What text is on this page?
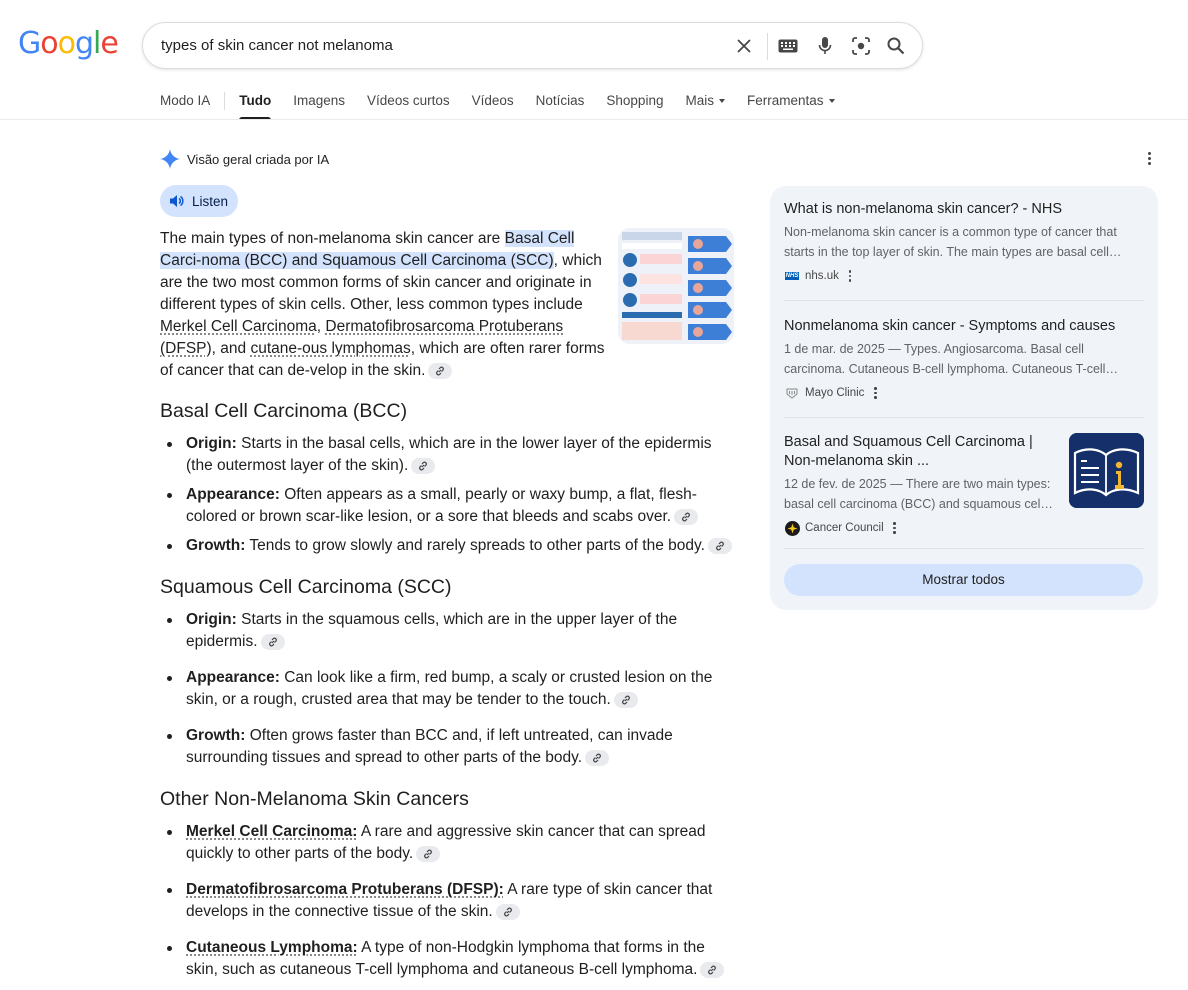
Google	types of skin cancer not melanoma
Modo IA Tudo Imagens Vídeos curtos Vídeos Notícias Shopping Mais	Ferramentas
Visão geral criada por IA
Listen
The main types of non-melanoma skin cancer are Basal Cell Carci-noma (BCC) and Squamous Cell Carcinoma (SCC), which are the two most common forms of skin cancer and originate in different types of skin cells. Other, less common types include Merkel Cell Carcinoma, Dermatofibrosarcoma Protuberans (DFSP), and cutane-ous lymphomas, which are often rarer forms of cancer that can de-velop in the skin.
Basal Cell Carcinoma (BCC)
Origin: Starts in the basal cells, which are in the lower layer of the epidermis (the outermost layer of the skin).
Appearance: Often appears as a small, pearly or waxy bump, a flat, flesh-colored or brown scar-like lesion, or a sore that bleeds and scabs over.
Growth: Tends to grow slowly and rarely spreads to other parts of the body.
Squamous Cell Carcinoma (SCC)
Origin: Starts in the squamous cells, which are in the upper layer of the epidermis.
Appearance: Can look like a firm, red bump, a scaly or crusted lesion on the skin, or a rough, crusted area that may be tender to the touch.
Growth: Often grows faster than BCC and, if left untreated, can invade surrounding tissues and spread to other parts of the body.
Other Non-Melanoma Skin Cancers
Merkel Cell Carcinoma: A rare and aggressive skin cancer that can spread quickly to other parts of the body.
Dermatofibrosarcoma Protuberans (DFSP): A rare type of skin cancer that develops in the connective tissue of the skin.
Cutaneous Lymphoma: A type of non-Hodgkin lymphoma that forms in the skin, such as cutaneous T-cell lymphoma and cutaneous B-cell lymphoma.
What is non-melanoma skin cancer? - NHS
Non-melanoma skin cancer is a common type of cancer that starts in the top layer of skin. The main types are basal cell…
NHS nhs.uk
Nonmelanoma skin cancer - Symptoms and causes
1 de mar. de 2025 — Types. Angiosarcoma. Basal cell carcinoma. Cutaneous B-cell lymphoma. Cutaneous T-cell…
Mayo Clinic
Basal and Squamous Cell Carcinoma | Non-melanoma skin ...
12 de fev. de 2025 — There are two main types: basal cell carcinoma (BCC) and squamous cel…
Cancer Council
Mostrar todos
